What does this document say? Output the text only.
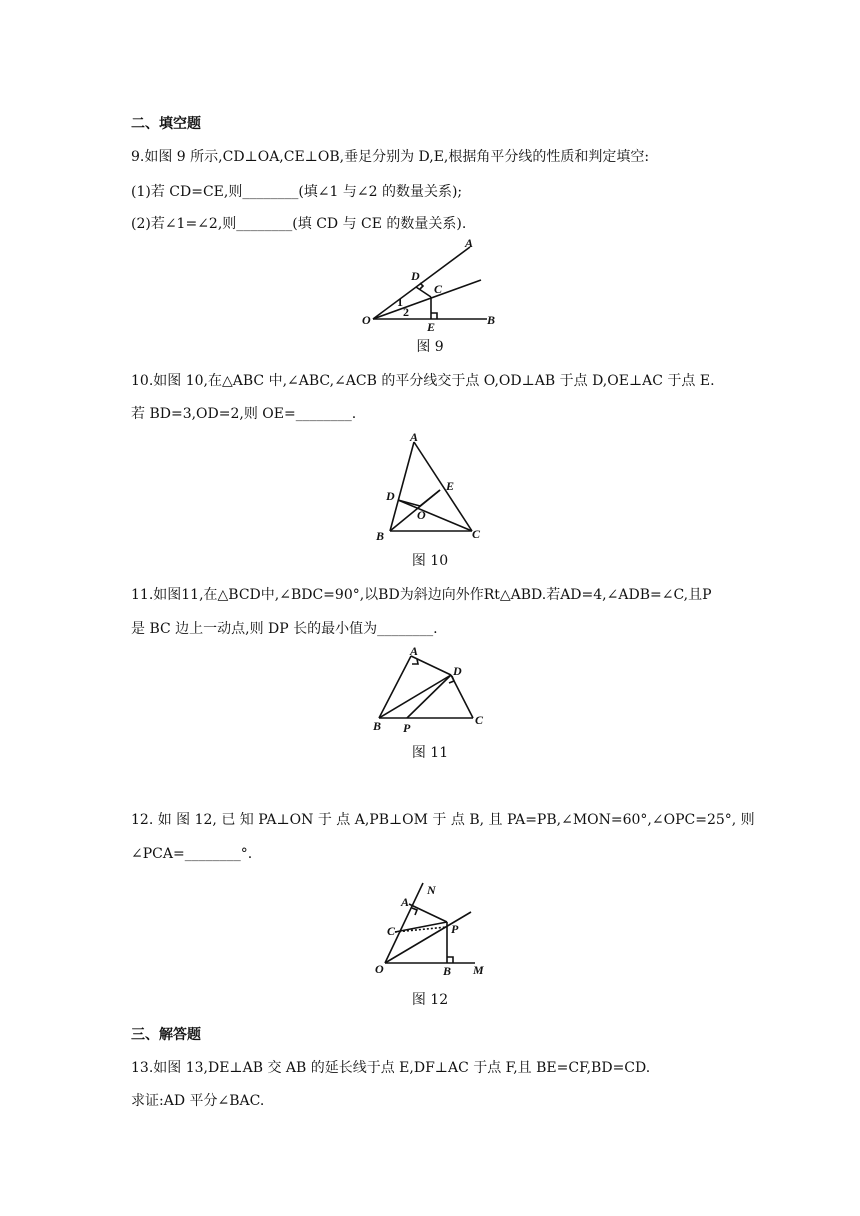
二、填空题
9.如图 9 所示,CD⊥OA,CE⊥OB,垂足分别为 D,E,根据角平分线的性质和判定填空:
(1)若 CD=CE,则________(填∠1 与∠2 的数量关系);
(2)若∠1=∠2,则________(填 CD 与 CE 的数量关系).
A
D
C
1
2
O	E	B
图 9
10.如图 10,在△ABC 中,∠ABC,∠ACB 的平分线交于点 O,OD⊥AB 于点 D,OE⊥AC 于点 E.
若 BD=3,OD=2,则 OE=________.
A
E
D
O
B	C
图 10
11.如图11,在△BCD中,∠BDC=90°,以BD为斜边向外作Rt△ABD.若AD=4,∠ADB=∠C,且P
是 BC 边上一动点,则 DP 长的最小值为________.
A
D
B P
C
图 11
12. 如 图 12, 已 知 PA⊥ON 于 点 A,PB⊥OM 于 点 B, 且 PA=PB,∠MON=60°,∠OPC=25°, 则
∠PCA=________°.
N
A
C	P
O	B M
图 12
三、解答题
13.如图 13,DE⊥AB 交 AB 的延长线于点 E,DF⊥AC 于点 F,且 BE=CF,BD=CD.
求证:AD 平分∠BAC.
